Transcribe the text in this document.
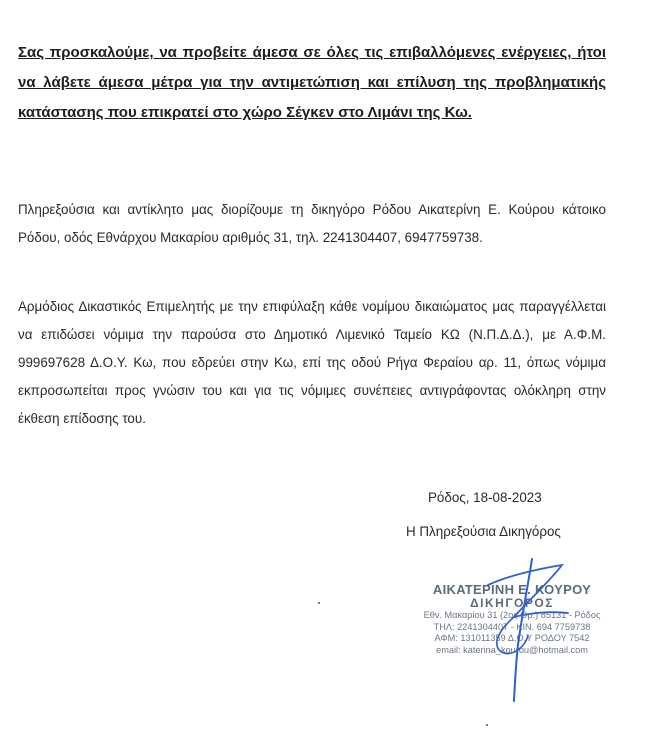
Σας προσκαλούμε, να προβείτε άμεσα σε όλες τις επιβαλλόμενες ενέργειες, ήτοι να λάβετε άμεσα μέτρα για την αντιμετώπιση και επίλυση της προβληματικής κατάστασης που επικρατεί στο χώρο Σέγκεν στο Λιμάνι της Κω.

Πληρεξούσια και αντίκλητο μας διορίζουμε τη δικηγόρο Ρόδου Αικατερίνη Ε. Κούρου κάτοικο Ρόδου, οδός Εθνάρχου Μακαρίου αριθμός 31, τηλ. 2241304407, 6947759738.

Αρμόδιος Δικαστικός Επιμελητής με την επιφύλαξη κάθε νομίμου δικαιώματος μας παραγγέλλεται να επιδώσει νόμιμα την παρούσα στο Δημοτικό Λιμενικό Ταμείο ΚΩ (Ν.Π.Δ.Δ.), με Α.Φ.Μ. 999697628 Δ.Ο.Υ. Κω, που εδρεύει στην Κω, επί της οδού Ρήγα Φεραίου αρ. 11, όπως νόμιμα εκπροσωπείται προς γνώσιν του και για τις νόμιμες συνέπειες αντιγράφοντας ολόκληρη στην έκθεση επίδοσης του.

Ρόδος, 18-08-2023

Η Πληρεξούσια Δικηγόρος

ΑΙΚΑΤΕΡΙΝΗ Ε. ΚΟΥΡΟΥ

ΔΙΚΗΓΟΡΟΣ

Εθν. Μακαρίου 31 (2ος Ορ.) 85131 - Ρόδος

ΤΗΛ: 2241304407 - ΚΙΝ. 694 7759738

ΑΦΜ: 131011359 Δ.Ο.Υ ΡΟΔΟΥ 7542

email: katerina_kourou@hotmail.com
